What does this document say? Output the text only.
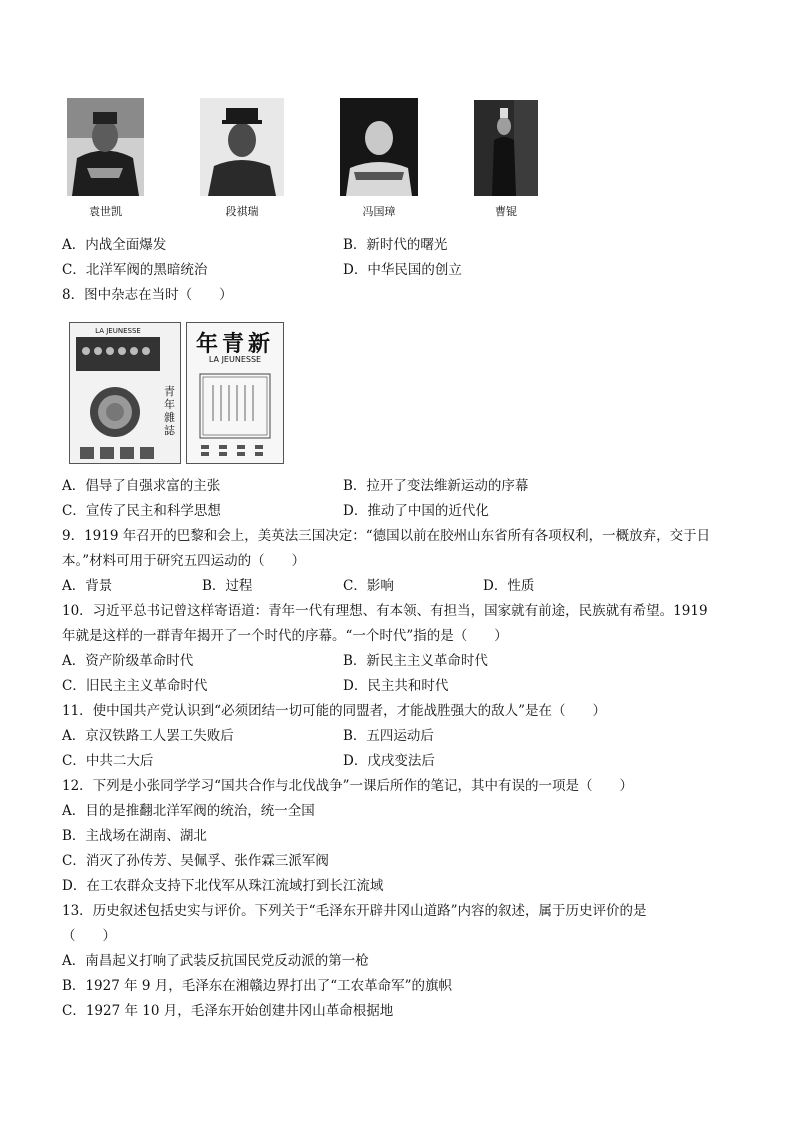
袁世凯	段祺瑞	冯国璋	曹锟
A．内战全面爆发	B．新时代的曙光
C．北洋军阀的黑暗统治	D．中华民国的创立
8．图中杂志在当时（　　）
LA JEUNESSE
青年雜誌
年青新
LA JEUNESSE
A．倡导了自强求富的主张	B．拉开了变法维新运动的序幕
C．宣传了民主和科学思想	D．推动了中国的近代化
9．1919 年召开的巴黎和会上，美英法三国决定：“德国以前在胶州山东省所有各项权利，一概放弃，交于日
本。”材料可用于研究五四运动的（　　）
A．背景	B．过程	C．影响	D．性质
10．习近平总书记曾这样寄语道：青年一代有理想、有本领、有担当，国家就有前途，民族就有希望。1919
年就是这样的一群青年揭开了一个时代的序幕。“一个时代”指的是（　　）
A．资产阶级革命时代	B．新民主主义革命时代
C．旧民主主义革命时代	D．民主共和时代
11．使中国共产党认识到“必须团结一切可能的同盟者，才能战胜强大的敌人”是在（　　）
A．京汉铁路工人罢工失败后	B．五四运动后
C．中共二大后	D．戊戌变法后
12．下列是小张同学学习“国共合作与北伐战争”一课后所作的笔记，其中有误的一项是（　　）
A．目的是推翻北洋军阀的统治，统一全国
B．主战场在湖南、湖北
C．消灭了孙传芳、吴佩孚、张作霖三派军阀
D．在工农群众支持下北伐军从珠江流域打到长江流域
13．历史叙述包括史实与评价。下列关于“毛泽东开辟井冈山道路”内容的叙述，属于历史评价的是
（　　）
A．南昌起义打响了武装反抗国民党反动派的第一枪
B．1927 年 9 月，毛泽东在湘赣边界打出了“工农革命军”的旗帜
C．1927 年 10 月，毛泽东开始创建井冈山革命根据地
